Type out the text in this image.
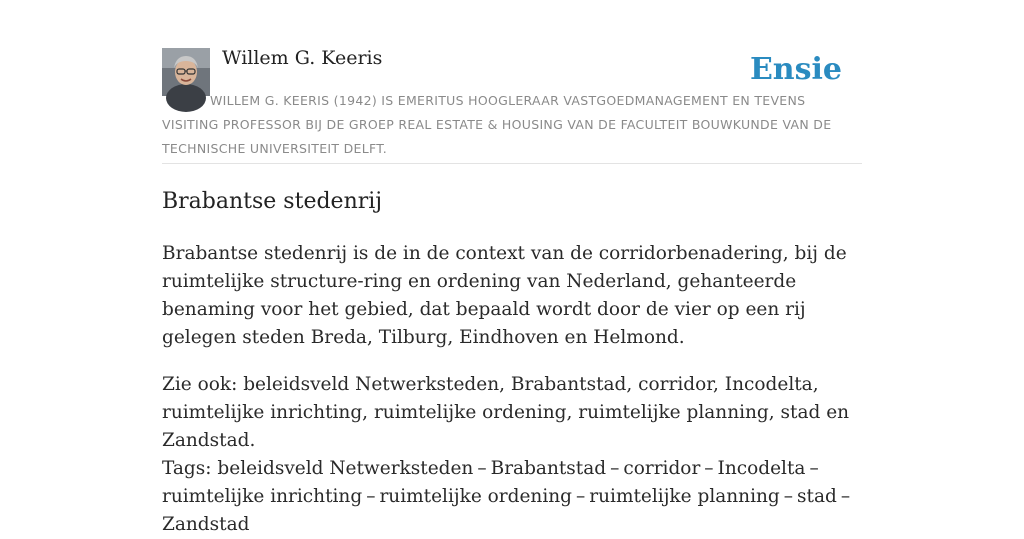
Willem G. Keeris	Ensie

WILLEM G. KEERIS (1942) IS EMERITUS HOOGLERAAR VASTGOEDMANAGEMENT EN TEVENS VISITING PROFESSOR BIJ DE GROEP REAL ESTATE & HOUSING VAN DE FACULTEIT BOUWKUNDE VAN DE TECHNISCHE UNIVERSITEIT DELFT.

Brabantse stedenrij

Brabantse stedenrij is de in de context van de corridorbenadering, bij de ruimtelijke structure-ring en ordening van Nederland, gehanteerde benaming voor het gebied, dat bepaald wordt door de vier op een rij gelegen steden Breda, Tilburg, Eindhoven en Helmond.

Zie ook: beleidsveld Netwerksteden, Brabantstad, corridor, Incodelta, ruimtelijke inrichting, ruimtelijke ordening, ruimtelijke planning, stad en Zandstad.

Tags: beleidsveld Netwerksteden – Brabantstad – corridor – Incodelta –ruimtelijke inrichting – ruimtelijke ordening – ruimtelijke planning – stad –Zandstad
